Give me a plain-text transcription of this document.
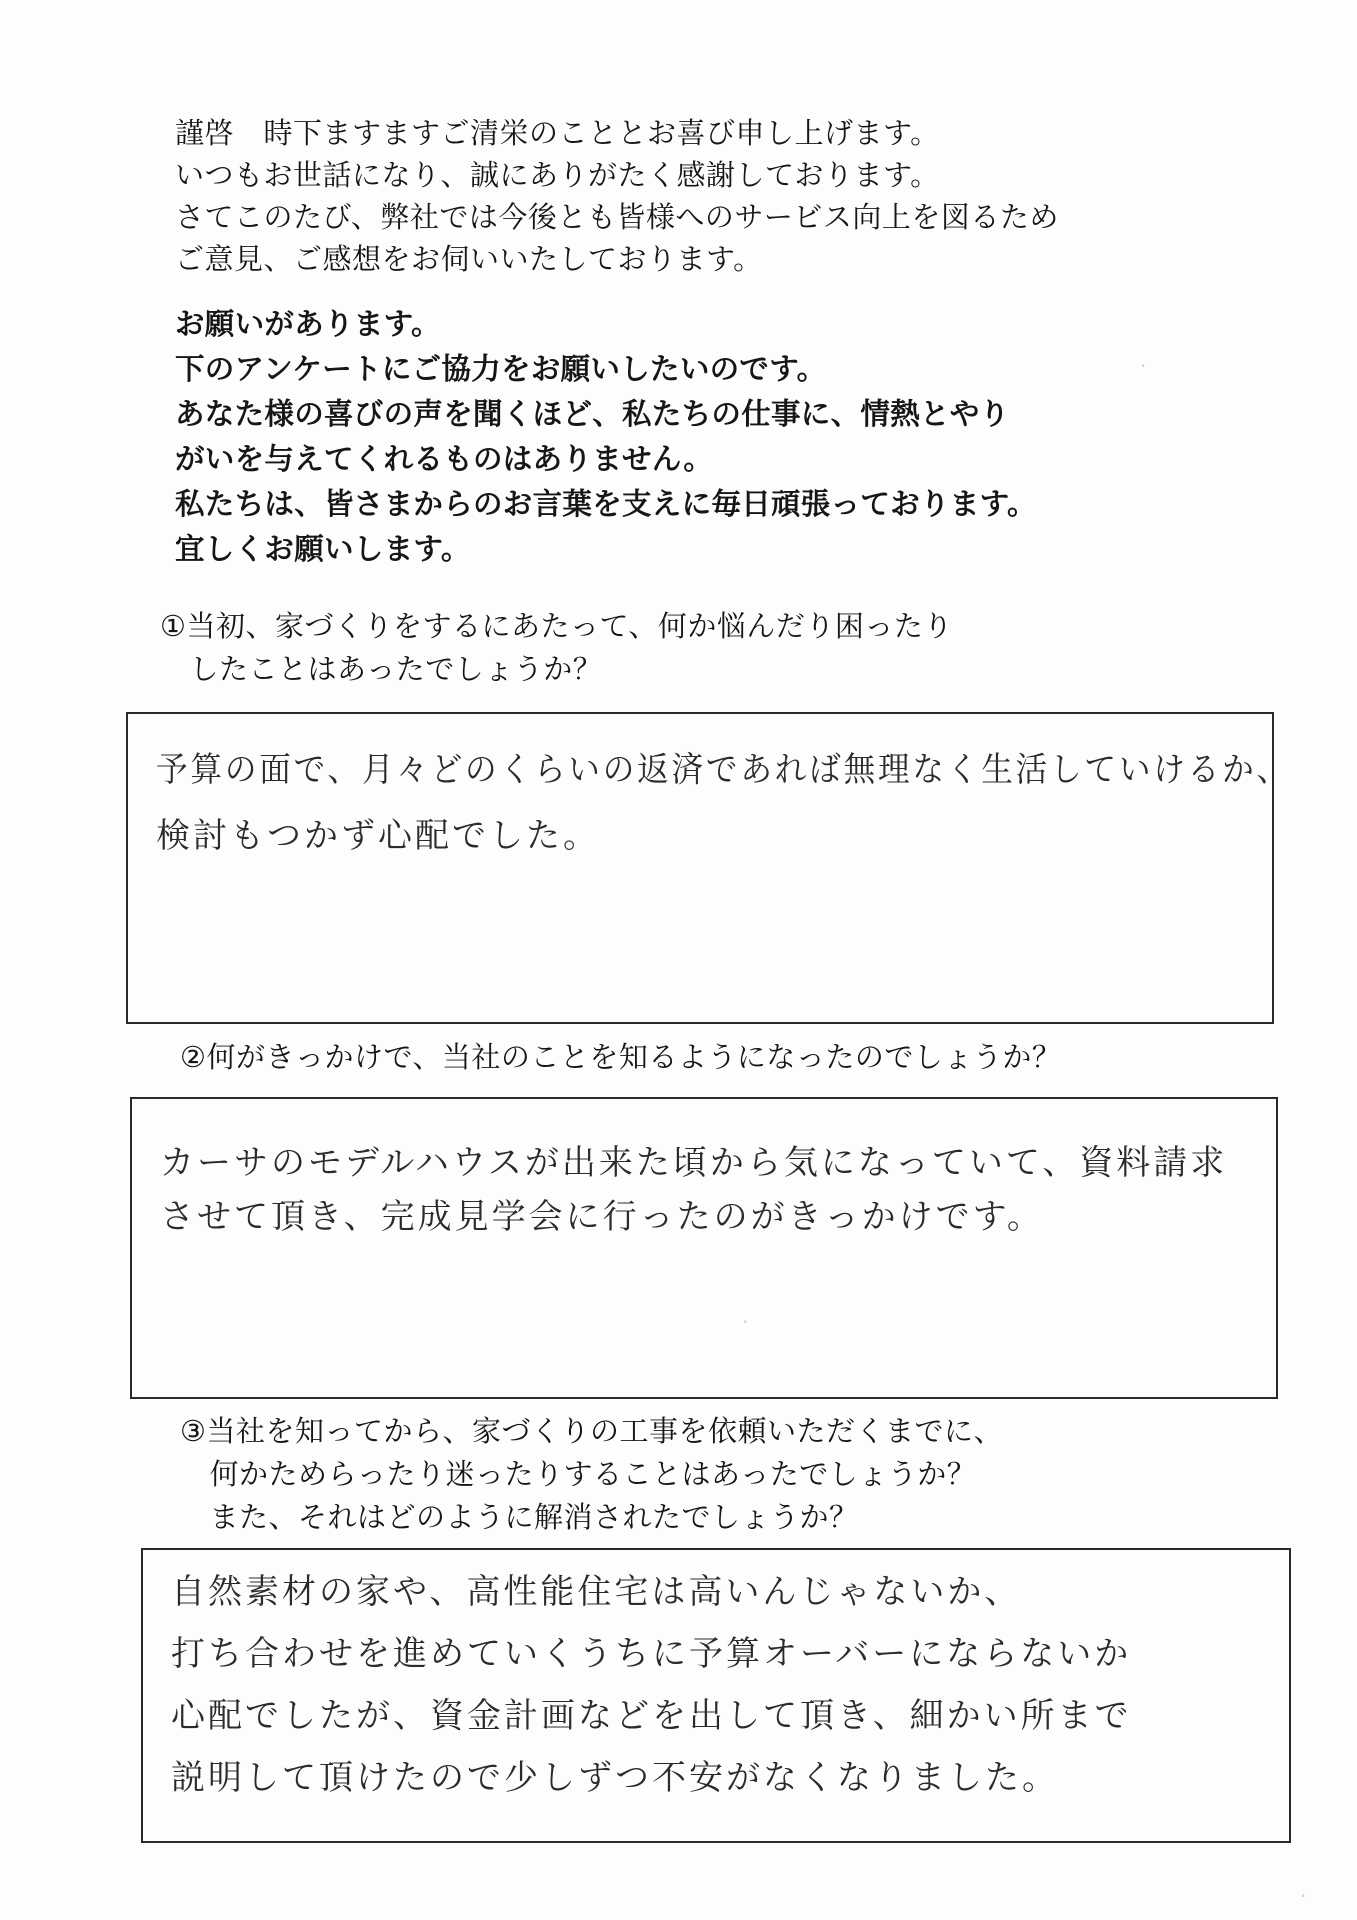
謹啓　時下ますますご清栄のこととお喜び申し上げます。

いつもお世話になり、誠にありがたく感謝しております。

さてこのたび、弊社では今後とも皆様へのサービス向上を図るため

ご意見、ご感想をお伺いいたしております。

お願いがあります。

下のアンケートにご協力をお願いしたいのです。

あなた様の喜びの声を聞くほど、私たちの仕事に、情熱とやり

がいを与えてくれるものはありません。

私たちは、皆さまからのお言葉を支えに毎日頑張っております。

宜しくお願いします。

①当初、家づくりをするにあたって、何か悩んだり困ったり

　したことはあったでしょうか？

予算の面で、月々どのくらいの返済であれば無理なく生活していけるか、

検討もつかず心配でした。

②何がきっかけで、当社のことを知るようになったのでしょうか？

カーサのモデルハウスが出来た頃から気になっていて、資料請求

させて頂き、完成見学会に行ったのがきっかけです。

③当社を知ってから、家づくりの工事を依頼いただくまでに、

　何かためらったり迷ったりすることはあったでしょうか？

　また、それはどのように解消されたでしょうか？

自然素材の家や、高性能住宅は高いんじゃないか、

打ち合わせを進めていくうちに予算オーバーにならないか

心配でしたが、資金計画などを出して頂き、細かい所まで

説明して頂けたので少しずつ不安がなくなりました。

·
·
·
